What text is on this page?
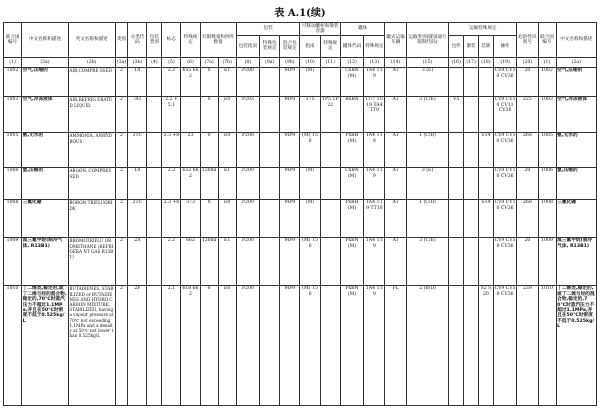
表 A.1(续)
联合国编号	中文名称和描述	英文名称和描述	类别	分类代码	包装类别	标志	特殊规定	有限数量和例外数量		包装			可移动罐柜和散装容器		罐体		罐式运输车辆	运输类别(隧道通行限制代码)	运输特殊规定				危险性识别号	联合国编号	中文名称和描述
										包装指南	特殊包装规定	混合包装规定	指南	特殊规定	罐体代码	特殊规定			包件	散装	装卸	操作			
(1)	(2a)	(2b)	(3a)	(3b)	(4)	(5)	(6)	(7a)	(7b)	(8)	(9a)	(9b)	(10)	(11)	(12)	(13)	(14)	(15)	(16)	(17)	(18)	(19)	(20)	(1)	(2a)
1002	空气,压缩的	AIR,COMPRE SSED	2	1A		2.2	655 662	0	E1	P200		MP9	(M)		CxBN (M)	TA4 TT9	AT	3 (E)				CV9 CV10 CV36	20	1002	空气,压缩的
1003	空气,冷冻液体	AIR,REFRIG ERATED LIQUID	2	3O		2.2 +5.1		0	E0	P203		MP9	T75	TP5 TP22	RxBN	TU7 TU19 TA4 TT9	AT	3 (C/E)	V5			CV9 CV10 CV11 CV36	225	1003	空气,冷冻液体
1005	氨,无水的	AMMONIA, ANHYDROUS	2	2TC		2.3 +8	23	0	E0	P200		MP9	(M) T50		PxBH (M)	TA4 TT9	AT	1 (C/D)			S14	CV9 CV10 CV36	268	1005	氨,无水的
1006	氩,压缩的	ARGON, COMPRESSED	2	1A		2.2	653 662	120ml	E1	P200		MP9	(M)		CxBN (M)	TA4 TT9	AT	3 (E)				CV9 CV10 CV36	20	1006	氩,压缩的
1008	三氟化硼	BORON TRIFLUORIDE	2	2TC		2.3 +8	373	0	E0	P200		MP9	(M)		PxBH (M)	TA4 TT9 TT10	AT	1 (C/D)			S14	CV9 CV10 CV36	268	1008	三氟化硼
1009	溴三氟甲烷(制冷气体, R13B1)	BROMOTRIFLU OROMETHANE (REFRIGERA NT GAS R13B1)	2	2A		2.2	662	120ml	E1	P200		MP9	(M) T50		PxBN (M)	TA4 TT9	AT	3 (C/E)				CV9 CV10 CV36	20	1009	溴三氟甲烷(制冷气体, R13B1)
1010	丁二烯类,稳定的,或丁二烯与烃的混合物,稳定的,70℃时蒸汽压力不超过1.1MPa,并且在50℃时密度不低于0.525kg/L	BUTADIENES, STABILIZED or BUTADIENES AND HYDRO CARBON MIXTURE, STABILIZED, having a vapour pressure at 70℃ not exceeding 1.1MPa and a density at 50℃ not lower than 0.525kg/L	2	2F		2.1	618 662	0	E0	P200		MP9	(M) T50		PxBN (M)	TA4 TT9	FL	2 (B/D)			S2 S20	CV9 CV10 CV36	239	1010	丁二烯类,稳定的,或丁二烯与烃的混合物,稳定的,70℃时蒸汽压力不超过1.1MPa,并且在50℃时密度不低于0.525kg/L
